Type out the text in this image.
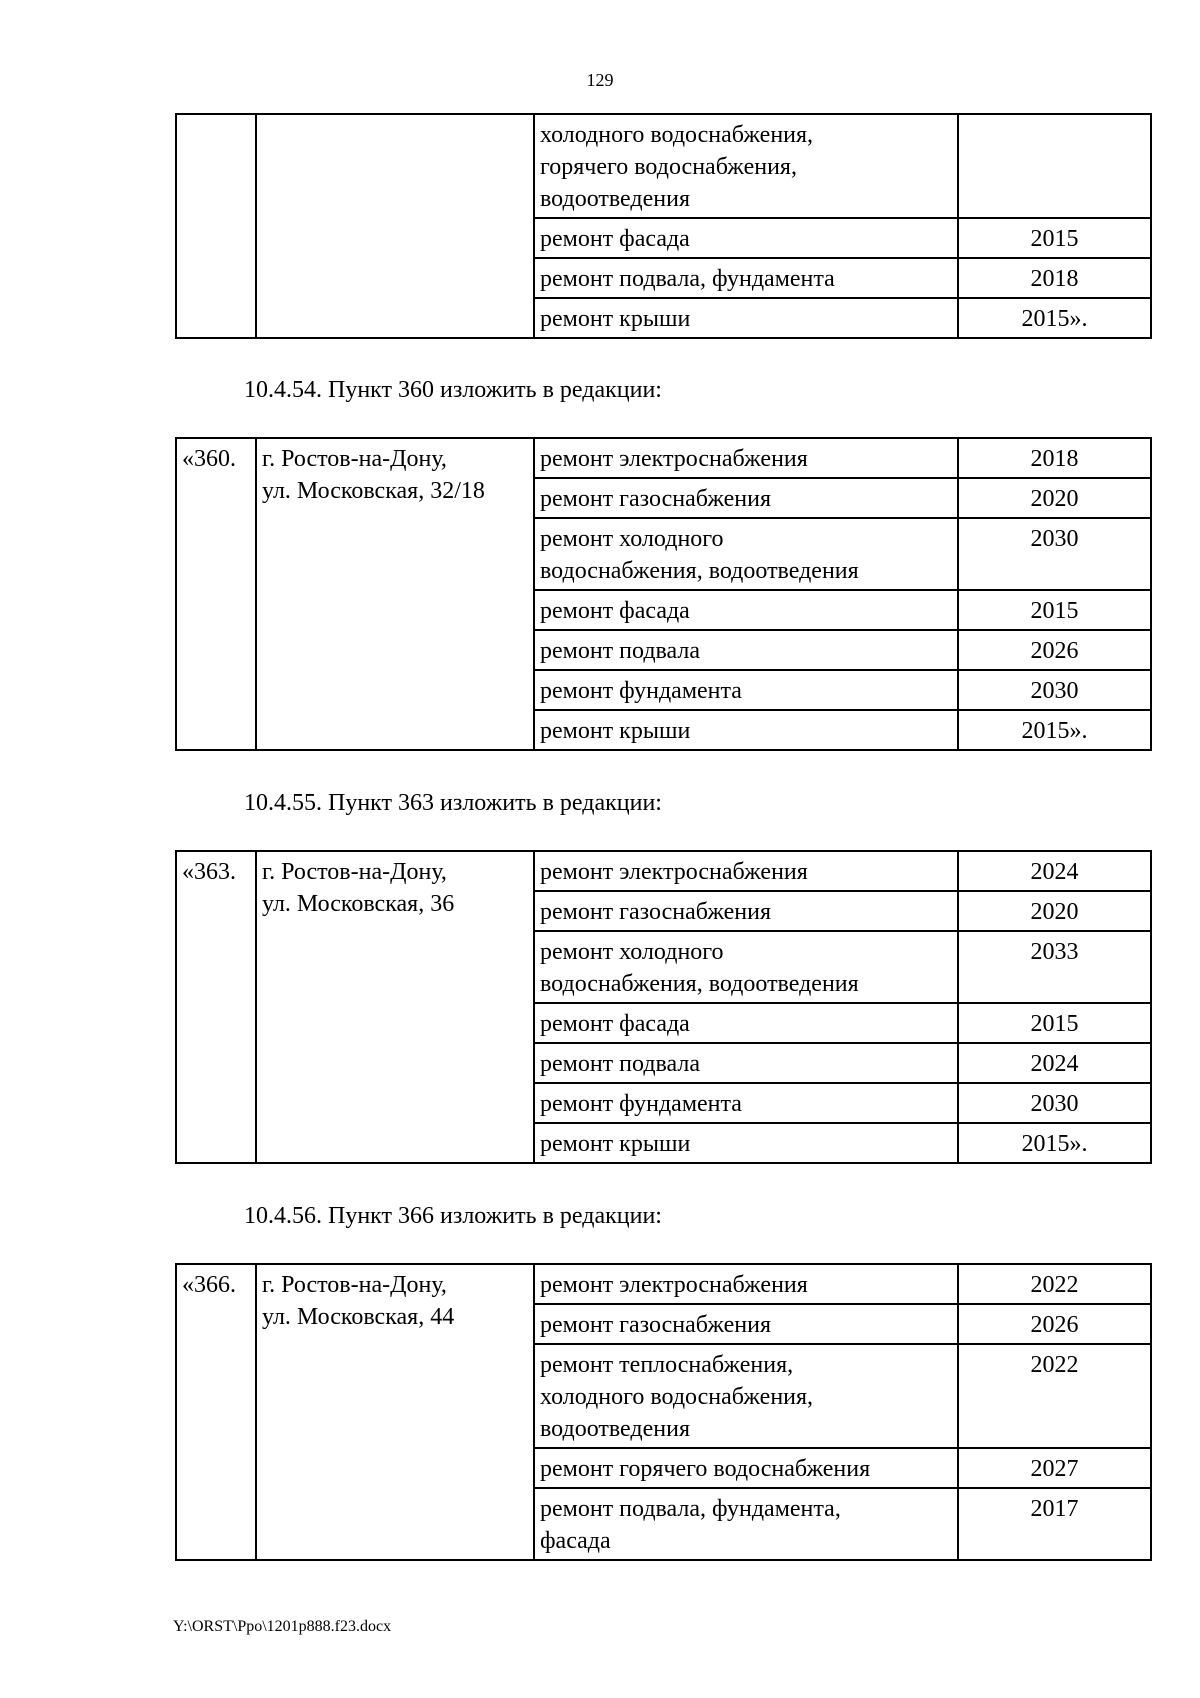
129
		холодного водоснабжения,
горячего водоснабжения,
водоотведения	
		ремонт фасада	2015
		ремонт подвала, фундамента	2018
		ремонт крыши	2015».
10.4.54. Пункт 360 изложить в редакции:
«360.	г. Ростов-на-Дону,
ул. Московская, 32/18	ремонт электроснабжения	2018
		ремонт газоснабжения	2020
		ремонт холодного
водоснабжения, водоотведения	2030
		ремонт фасада	2015
		ремонт подвала	2026
		ремонт фундамента	2030
		ремонт крыши	2015».
10.4.55. Пункт 363 изложить в редакции:
«363.	г. Ростов-на-Дону,
ул. Московская, 36	ремонт электроснабжения	2024
		ремонт газоснабжения	2020
		ремонт холодного
водоснабжения, водоотведения	2033
		ремонт фасада	2015
		ремонт подвала	2024
		ремонт фундамента	2030
		ремонт крыши	2015».
10.4.56. Пункт 366 изложить в редакции:
«366.	г. Ростов-на-Дону,
ул. Московская, 44	ремонт электроснабжения	2022
		ремонт газоснабжения	2026
		ремонт теплоснабжения,
холодного водоснабжения,
водоотведения	2022
		ремонт горячего водоснабжения	2027
		ремонт подвала, фундамента,
фасада	2017
Y:\ORST\Ppo\1201p888.f23.docx
